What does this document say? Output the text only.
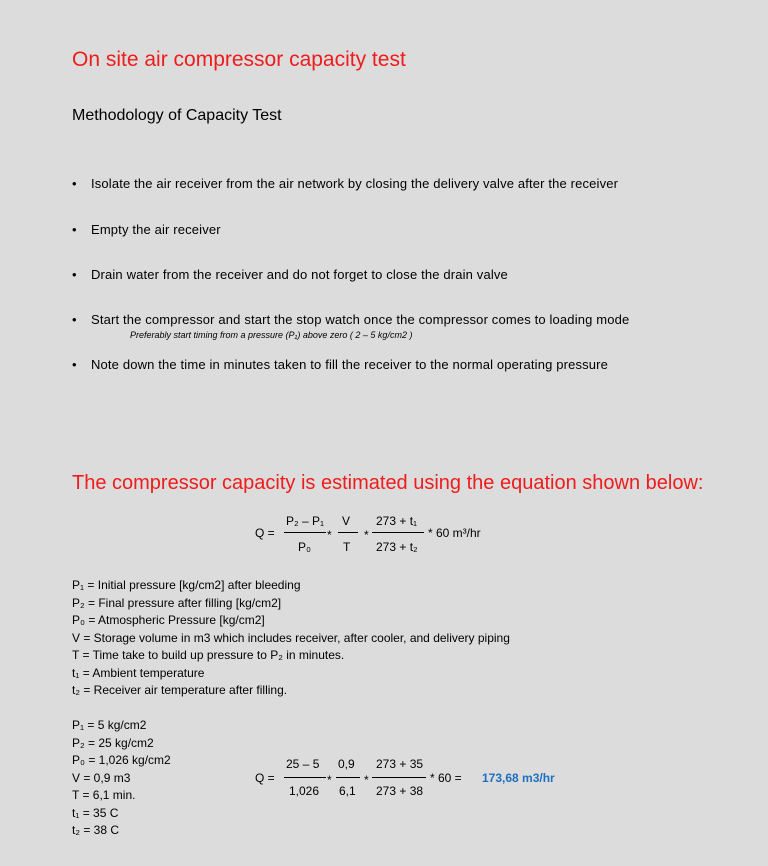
On site air compressor capacity test
Methodology of Capacity Test
• Isolate the air receiver from the air network by closing the delivery valve after the receiver
• Empty the air receiver
• Drain water from the receiver and do not forget to close the drain valve
• Start the compressor and start the stop watch once the compressor comes to loading mode
Preferably start timing from a pressure (P₁) above zero ( 2 – 5 kg/cm2 )
• Note down the time in minutes taken to fill the receiver to the normal operating pressure
The compressor capacity is estimated using the equation shown below:
Q =
P₂ – P₁
P₀
*
V
T
*
273 + t₁
273 + t₂
* 60 m³/hr
P₁ = Initial pressure [kg/cm2] after bleeding
P₂ = Final pressure after filling [kg/cm2]
P₀ = Atmospheric Pressure [kg/cm2]
V = Storage volume in m3 which includes receiver, after cooler, and delivery piping
T = Time take to build up pressure to P₂ in minutes.
t₁ = Ambient temperature
t₂ = Receiver air temperature after filling.
P₁ = 5 kg/cm2
P₂ = 25 kg/cm2
P₀ = 1,026 kg/cm2
V = 0,9 m3
T = 6,1 min.
t₁ = 35 C
t₂ = 38 C
Q =
25 – 5
1,026
*
0,9
6,1
*
273 + 35
273 + 38
* 60 = 173,68 m3/hr
